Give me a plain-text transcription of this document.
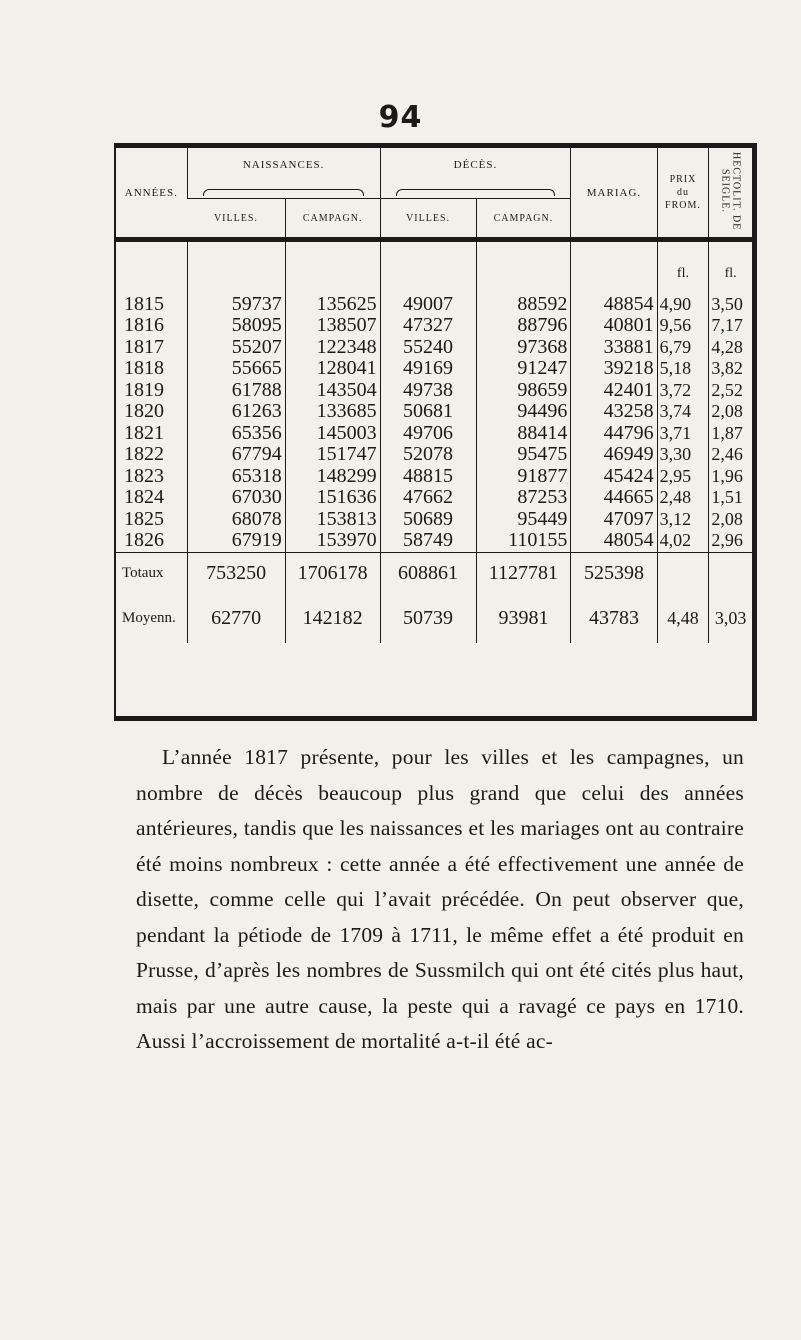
94
ANNÉES.	NAISSANCES.		DÉCÈS.		MARIAG.	PRIX
du
FROM.	HECTOLIT. DE SEIGLE.
	VILLES.	CAMPAGN.	VILLES.	CAMPAGN.			

						fl.	fl.
1815	59737	135625	49007	88592	48854	4,90	3,50
1816	58095	138507	47327	88796	40801	9,56	7,17
1817	55207	122348	55240	97368	33881	6,79	4,28
1818	55665	128041	49169	91247	39218	5,18	3,82
1819	61788	143504	49738	98659	42401	3,72	2,52
1820	61263	133685	50681	94496	43258	3,74	2,08
1821	65356	145003	49706	88414	44796	3,71	1,87
1822	67794	151747	52078	95475	46949	3,30	2,46
1823	65318	148299	48815	91877	45424	2,95	1,96
1824	67030	151636	47662	87253	44665	2,48	1,51
1825	68078	153813	50689	95449	47097	3,12	2,08
1826	67919	153970	58749	110155	48054	4,02	2,96
Totaux	753250	1706178	608861	1127781	525398		
Moyenn.	62770	142182	50739	93981	43783	4,48	3,03

L’année 1817 présente, pour les villes et les campagnes, un nombre de décès beaucoup plus grand que celui des années antérieures, tandis que les naissances et les mariages ont au contraire été moins nombreux : cette année a été effectivement une année de disette, comme celle qui l’avait précédée. On peut observer que, pendant la pétiode de 1709 à 1711, le même effet a été produit en Prusse, d’après les nombres de Sussmilch qui ont été cités plus haut, mais par une autre cause, la peste qui a ravagé ce pays en 1710. Aussi l’accroissement de mortalité a-t-il été ac-
